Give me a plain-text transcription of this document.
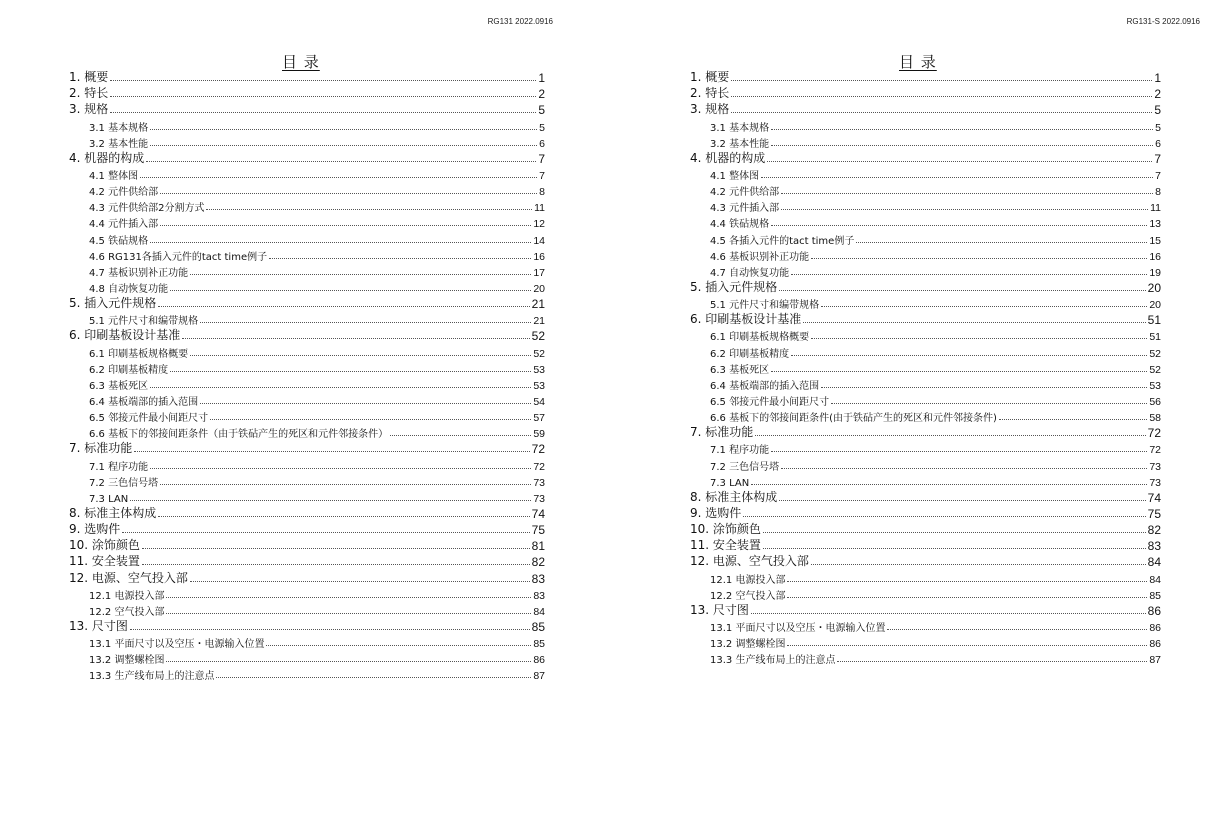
RG131 2022.0916
目 录
1. 概要	1
2. 特长	2
3. 规格	5
3.1 基本规格	5
3.2 基本性能	6
4. 机器的构成	7
4.1 整体图	7
4.2 元件供给部	8
4.3 元件供给部2分割方式	11
4.4 元件插入部	12
4.5 铁砧规格	14
4.6 RG131各插入元件的tact time例子	16
4.7 基板识别补正功能	17
4.8 自动恢复功能	20
5. 插入元件规格	21
5.1 元件尺寸和编带规格	21
6. 印刷基板设计基准	52
6.1 印刷基板规格概要	52
6.2 印刷基板精度	53
6.3 基板死区	53
6.4 基板端部的插入范围	54
6.5 邻接元件最小间距尺寸	57
6.6 基板下的邻接间距条件（由于铁砧产生的死区和元件邻接条件）	59
7. 标准功能	72
7.1 程序功能	72
7.2 三色信号塔	73
7.3 LAN	73
8. 标准主体构成	74
9. 选购件	75
10. 涂饰颜色	81
11. 安全装置	82
12. 电源、空气投入部	83
12.1 电源投入部	83
12.2 空气投入部	84
13. 尺寸图	85
13.1 平面尺寸以及空压・电源输入位置	85
13.2 调整螺栓图	86
13.3 生产线布局上的注意点	87
RG131-S 2022.0916
目 录
1. 概要	1
2. 特长	2
3. 规格	5
3.1 基本规格	5
3.2 基本性能	6
4. 机器的构成	7
4.1 整体图	7
4.2 元件供给部	8
4.3 元件插入部	11
4.4 铁砧规格	13
4.5 各插入元件的tact time例子	15
4.6 基板识别补正功能	16
4.7 自动恢复功能	19
5. 插入元件规格	20
5.1 元件尺寸和编带规格	20
6. 印刷基板设计基准	51
6.1 印刷基板规格概要	51
6.2 印刷基板精度	52
6.3 基板死区	52
6.4 基板端部的插入范围	53
6.5 邻接元件最小间距尺寸	56
6.6 基板下的邻接间距条件(由于铁砧产生的死区和元件邻接条件)	58
7. 标准功能	72
7.1 程序功能	72
7.2 三色信号塔	73
7.3 LAN	73
8. 标准主体构成	74
9. 选购件	75
10. 涂饰颜色	82
11. 安全装置	83
12. 电源、空气投入部	84
12.1 电源投入部	84
12.2 空气投入部	85
13. 尺寸图	86
13.1 平面尺寸以及空压・电源输入位置	86
13.2 调整螺栓图	86
13.3 生产线布局上的注意点	87
